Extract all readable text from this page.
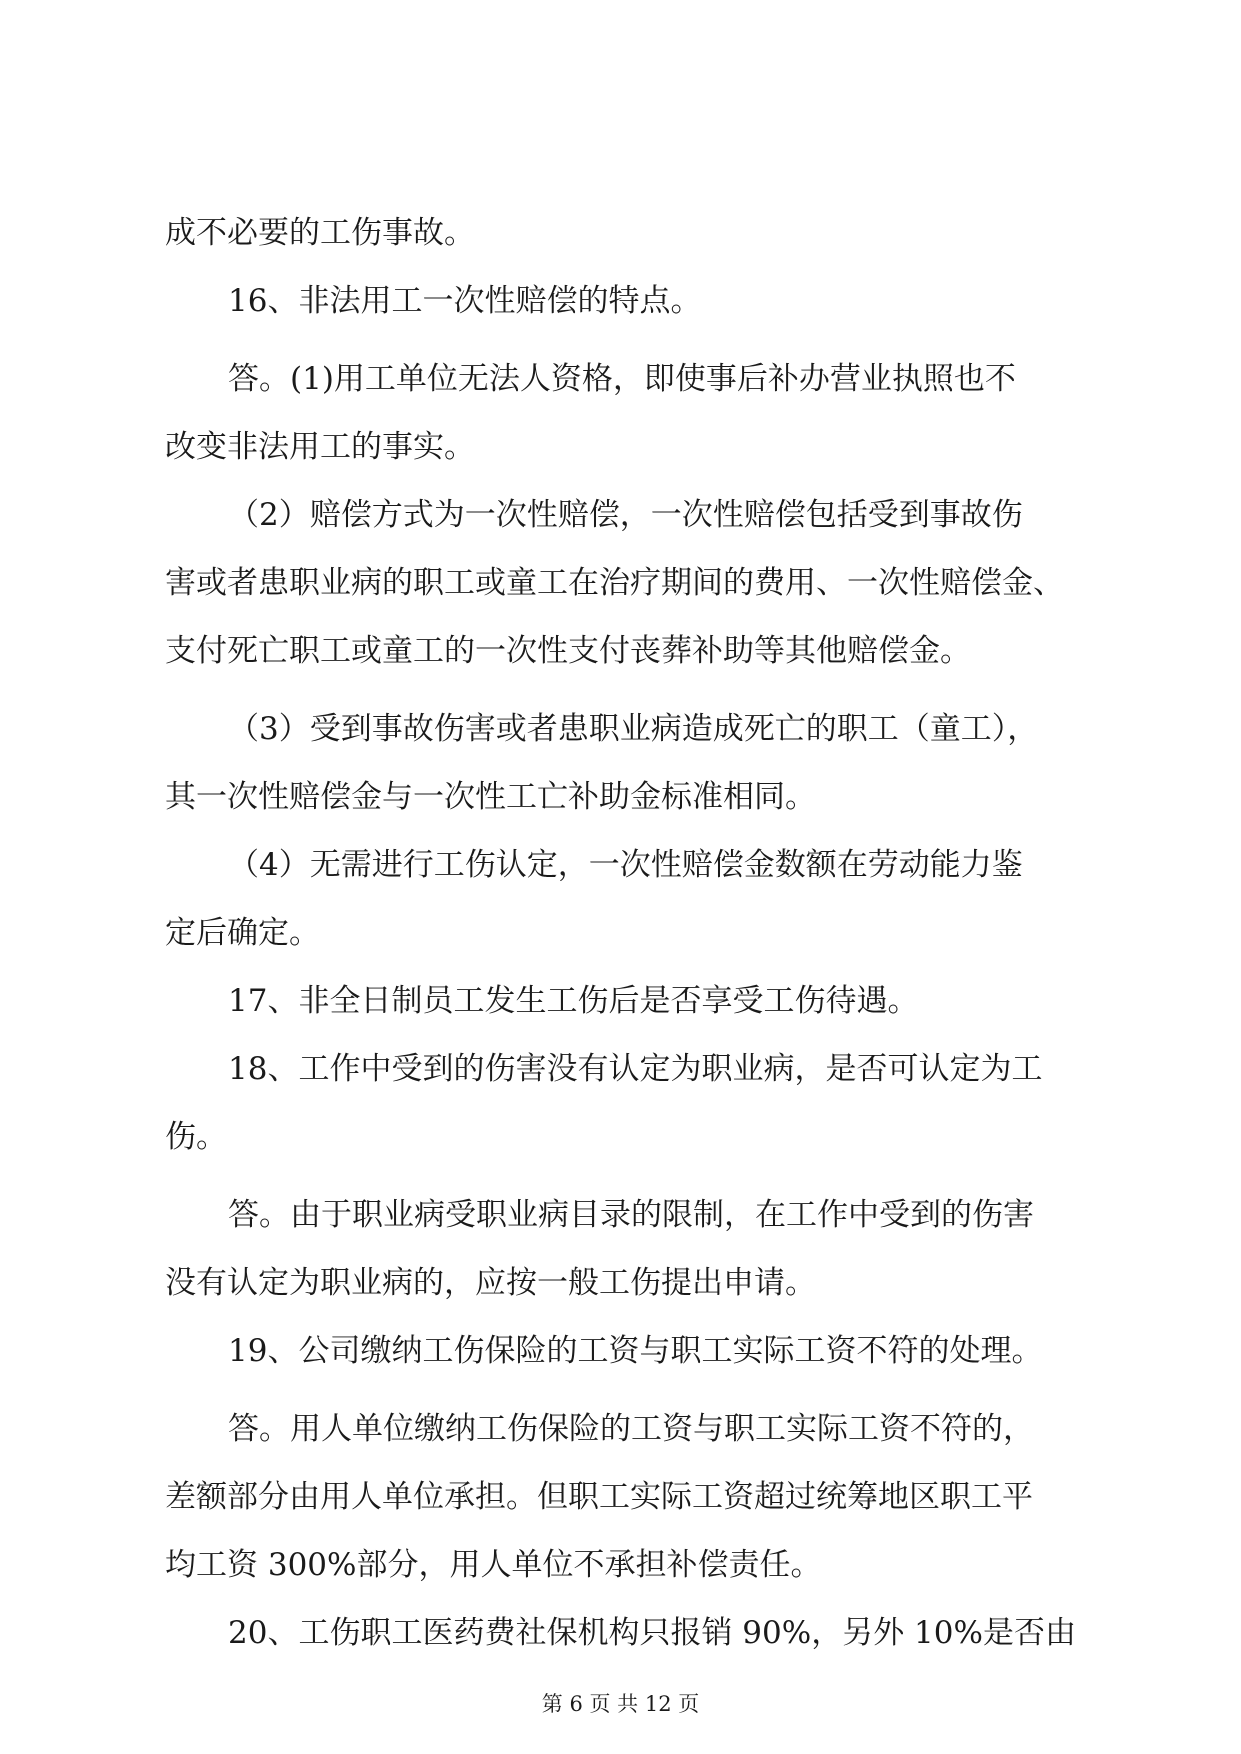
成不必要的工伤事故。
16、非法用工一次性赔偿的特点。
答。(1)用工单位无法人资格，即使事后补办营业执照也不
改变非法用工的事实。
（2）赔偿方式为一次性赔偿，一次性赔偿包括受到事故伤
害或者患职业病的职工或童工在治疗期间的费用、一次性赔偿金、
支付死亡职工或童工的一次性支付丧葬补助等其他赔偿金。
（3）受到事故伤害或者患职业病造成死亡的职工（童工），
其一次性赔偿金与一次性工亡补助金标准相同。
（4）无需进行工伤认定，一次性赔偿金数额在劳动能力鉴
定后确定。
17、非全日制员工发生工伤后是否享受工伤待遇。
18、工作中受到的伤害没有认定为职业病，是否可认定为工
伤。
答。由于职业病受职业病目录的限制，在工作中受到的伤害
没有认定为职业病的，应按一般工伤提出申请。
19、公司缴纳工伤保险的工资与职工实际工资不符的处理。
答。用人单位缴纳工伤保险的工资与职工实际工资不符的，
差额部分由用人单位承担。但职工实际工资超过统筹地区职工平
均工资 300%部分，用人单位不承担补偿责任。
20、工伤职工医药费社保机构只报销 90%，另外 10%是否由
第 6 页 共 12 页
